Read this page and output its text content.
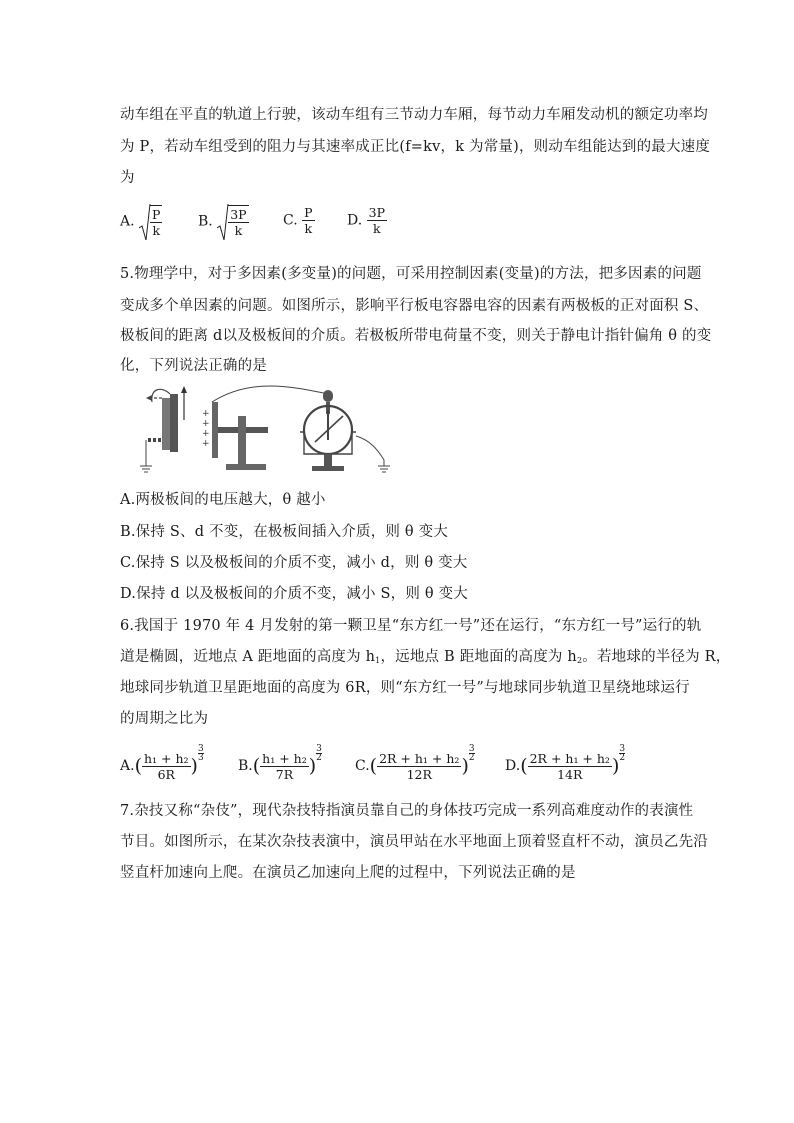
动车组在平直的轨道上行驶，该动车组有三节动力车厢，每节动力车厢发动机的额定功率均
为 P，若动车组受到的阻力与其速率成正比(f=kv，k 为常量)，则动车组能达到的最大速度
为
A. $\frac{P}{k}$	B. $\frac{3P}{k} C$. $\frac{P}{k} D$. $\frac{3P}{k}$
5.物理学中，对于多因素(多变量)的问题，可采用控制因素(变量)的方法，把多因素的问题
变成多个单因素的问题。如图所示，影响平行板电容器电容的因素有两极板的正对面积 S、
极板间的距离 d以及极板间的介质。若极板所带电荷量不变，则关于静电计指针偏角 θ 的变
化，下列说法正确的是
+
+
+
+
A.两极板间的电压越大，θ 越小
B.保持 S、d 不变，在极板间插入介质，则 θ 变大
C.保持 S 以及极板间的介质不变，减小 d，则 θ 变大
D.保持 d 以及极板间的介质不变，减小 S，则 θ 变大
6.我国于 1970 年 4 月发射的第一颗卫星“东方红一号”还在运行，“东方红一号”运行的轨
道是椭圆，近地点 A 距地面的高度为 $h_1$，远地点 B 距地面的高度为 $h_2$。若地球的半径为 R，
地球同步轨道卫星距地面的高度为 6R，则“东方红一号”与地球同步轨道卫星绕地球运行
的周期之比为
$A.( \frac{\text{h₁ + h₂}}{6R}$ )
$\frac{3}{3}$
$B.( \frac{\text{h₁ + h₂}}{7R}$ )
$\frac{3}{2}$
$C.( \frac{\text{2R + h₁ + h₂}}{12R}$ )
$\frac{3}{2}$
$D.( \frac{\text{2R + h₁ + h₂}}{14R}$ )
$\frac{3}{2}$
7.杂技又称“杂伎”，现代杂技特指演员靠自己的身体技巧完成一系列高难度动作的表演性
节目。如图所示，在某次杂技表演中，演员甲站在水平地面上顶着竖直杆不动，演员乙先沿
竖直杆加速向上爬。在演员乙加速向上爬的过程中，下列说法正确的是
